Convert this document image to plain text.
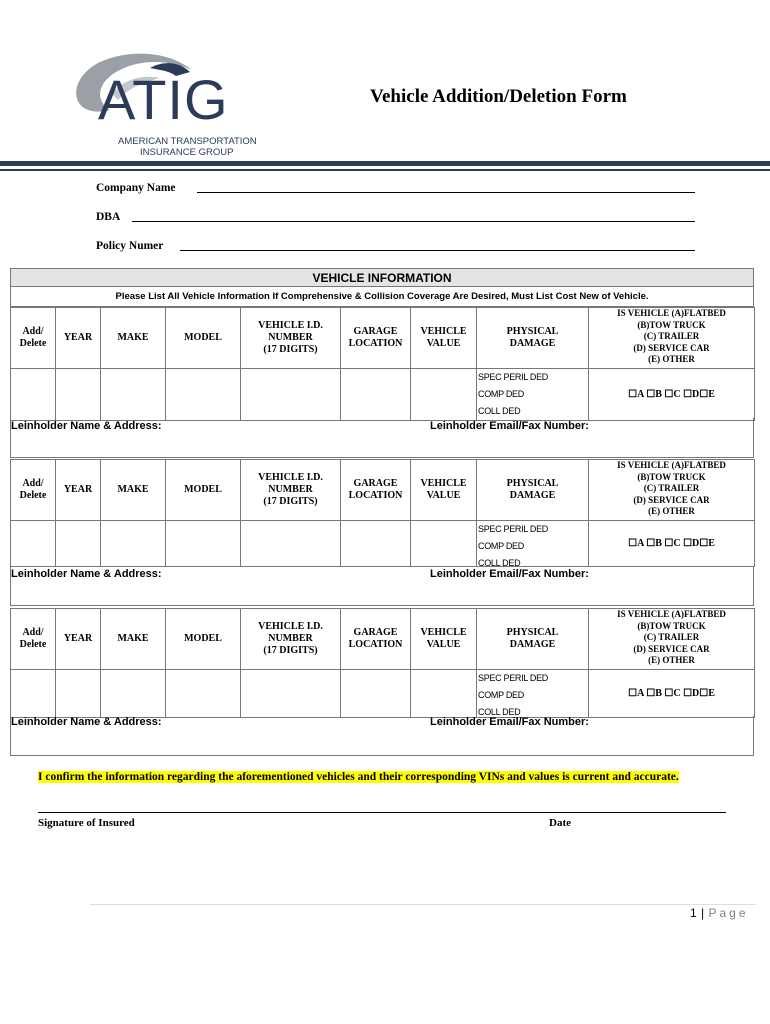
ATIG
AMERICAN TRANSPORTATION
INSURANCE GROUP
Vehicle Addition/Deletion Form
Company Name
DBA
Policy Numer
VEHICLE INFORMATION
Please List All Vehicle Information If Comprehensive & Collision Coverage Are Desired, Must List Cost New of Vehicle.
Add/
Delete	YEAR	MAKE	MODEL	VEHICLE I.D.
NUMBER
(17 DIGITS)	GARAGE
LOCATION	VEHICLE
VALUE	PHYSICAL
DAMAGE	IS VEHICLE (A)FLATBED
(B)TOW TRUCK
(C) TRAILER
(D) SERVICE CAR
(E) OTHER

							SPEC PERIL DED
COMP DED
COLL DED	☐A ☐B ☐C ☐D☐E
Leinholder Name & Address:	Leinholder Email/Fax Number:
Add/
Delete	YEAR	MAKE	MODEL	VEHICLE I.D.
NUMBER
(17 DIGITS)	GARAGE
LOCATION	VEHICLE
VALUE	PHYSICAL
DAMAGE	IS VEHICLE (A)FLATBED
(B)TOW TRUCK
(C) TRAILER
(D) SERVICE CAR
(E) OTHER

							SPEC PERIL DED
COMP DED
COLL DED	☐A ☐B ☐C ☐D☐E
Leinholder Name & Address:	Leinholder Email/Fax Number:
Add/
Delete	YEAR	MAKE	MODEL	VEHICLE I.D.
NUMBER
(17 DIGITS)	GARAGE
LOCATION	VEHICLE
VALUE	PHYSICAL
DAMAGE	IS VEHICLE (A)FLATBED
(B)TOW TRUCK
(C) TRAILER
(D) SERVICE CAR
(E) OTHER

							SPEC PERIL DED
COMP DED
COLL DED	☐A ☐B ☐C ☐D☐E
Leinholder Name & Address:	Leinholder Email/Fax Number:
I confirm the information regarding the aforementioned vehicles and their corresponding VINs and values is current and accurate.
Signature of Insured	Date
1 | Page
